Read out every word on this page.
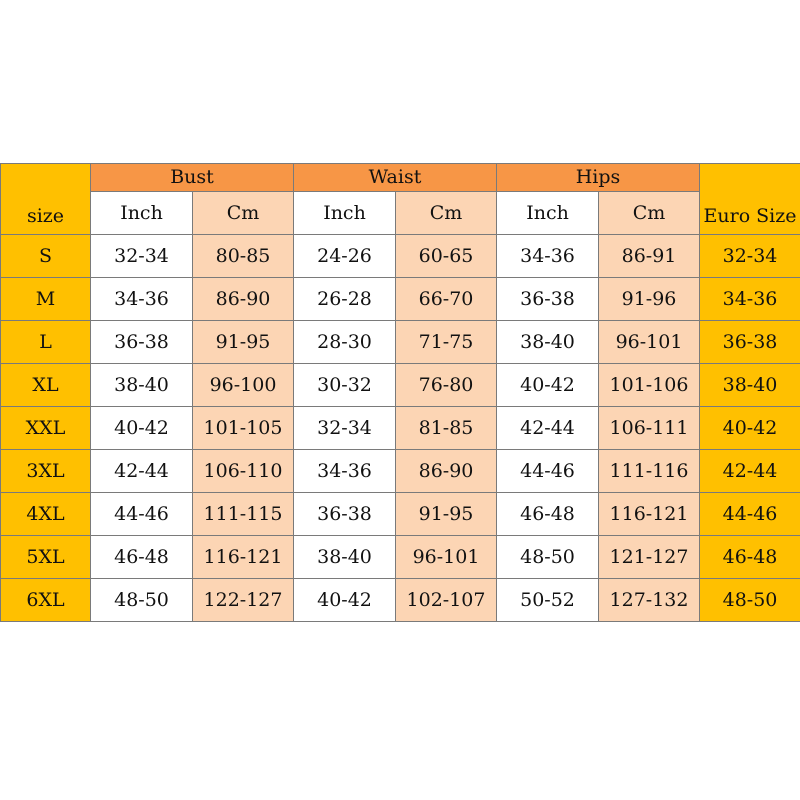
size	Bust		Waist		Hips		Euro Size
	Inch	Cm	Inch	Cm	Inch	Cm	
S	32-34	80-85	24-26	60-65	34-36	86-91	32-34
M	34-36	86-90	26-28	66-70	36-38	91-96	34-36
L	36-38	91-95	28-30	71-75	38-40	96-101	36-38
XL	38-40	96-100	30-32	76-80	40-42	101-106	38-40
XXL	40-42	101-105	32-34	81-85	42-44	106-111	40-42
3XL	42-44	106-110	34-36	86-90	44-46	111-116	42-44
4XL	44-46	111-115	36-38	91-95	46-48	116-121	44-46
5XL	46-48	116-121	38-40	96-101	48-50	121-127	46-48
6XL	48-50	122-127	40-42	102-107	50-52	127-132	48-50
